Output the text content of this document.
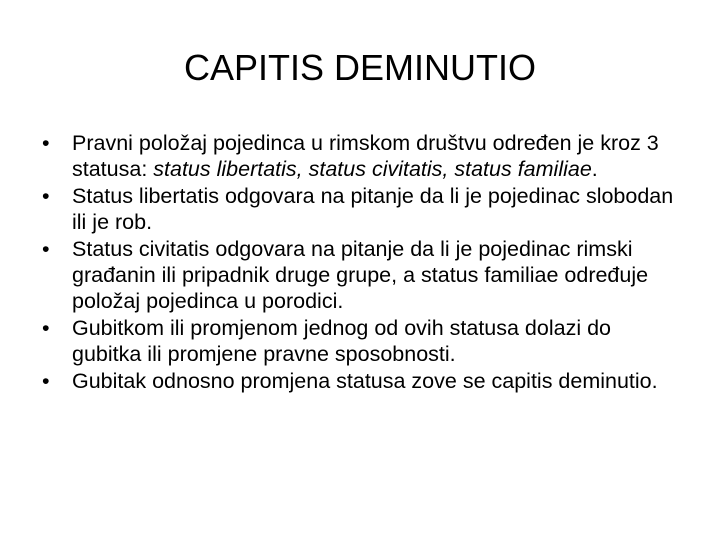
CAPITIS DEMINUTIO
•	Pravni položaj pojedinca u rimskom društvu određen je kroz 3 statusa: status libertatis, status civitatis, status familiae.
•	Status libertatis odgovara na pitanje da li je pojedinac slobodan ili je rob.
•	Status civitatis odgovara na pitanje da li je pojedinac rimski građanin ili pripadnik druge grupe, a status familiae određuje položaj pojedinca u porodici.
•	Gubitkom ili promjenom jednog od ovih statusa dolazi do gubitka ili promjene pravne sposobnosti.
•	Gubitak odnosno promjena statusa zove se capitis deminutio.
